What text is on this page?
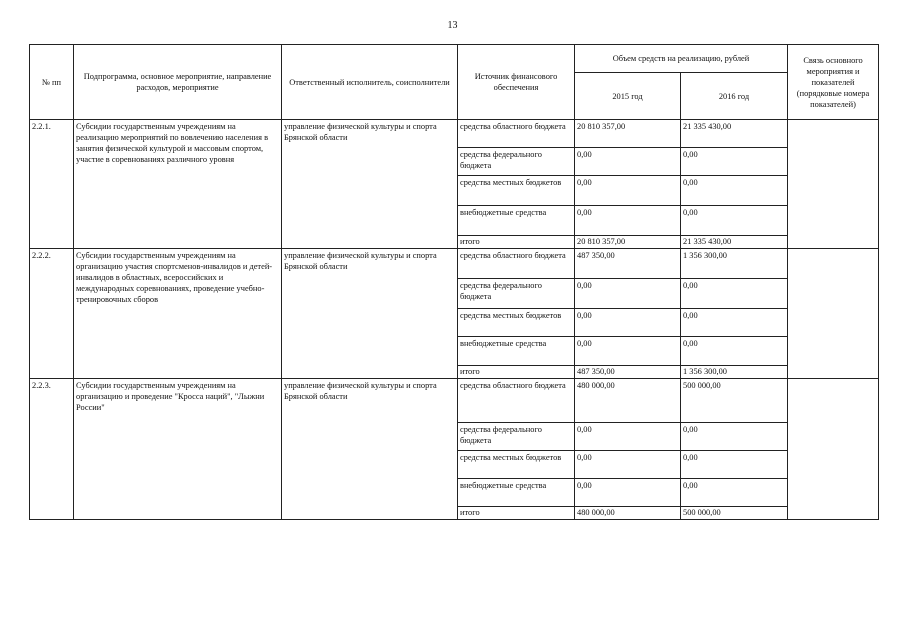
13
№ пп	Подпрограмма, основное мероприятие, направление расходов, мероприятие	Ответственный исполнитель, соисполнители	Источник финансового обеспечения	Объем средств на реализацию, рублей		Связь основного мероприятия и показателей (порядковые номера показателей)
				2015 год	2016 год	
2.2.1.	Субсидии государственным учреждениям на реализацию мероприятий по вовлечению населения в занятия физической культурой и массовым спортом, участие в соревнованиях различного уровня	управление физической культуры и спорта Брянской области	средства областного бюджета	20 810 357,00	21 335 430,00	
			средства федерального бюджета	0,00	0,00	
			средства местных бюджетов	0,00	0,00	
			внебюджетные средства	0,00	0,00	
			итого	20 810 357,00	21 335 430,00	
2.2.2.	Субсидии государственным учреждениям на организацию участия спортсменов-инвалидов и детей-инвалидов в областных, всероссийских и международных соревнованиях, проведение учебно-тренировочных сборов	управление физической культуры и спорта Брянской области	средства областного бюджета	487 350,00	1 356 300,00	
			средства федерального бюджета	0,00	0,00	
			средства местных бюджетов	0,00	0,00	
			внебюджетные средства	0,00	0,00	
			итого	487 350,00	1 356 300,00	
2.2.3.	Субсидии государственным учреждениям на организацию и проведение "Кросса наций", "Лыжни России"	управление физической культуры и спорта Брянской области	средства областного бюджета	480 000,00	500 000,00	
			средства федерального бюджета	0,00	0,00	
			средства местных бюджетов	0,00	0,00	
			внебюджетные средства	0,00	0,00	
			итого	480 000,00	500 000,00	
